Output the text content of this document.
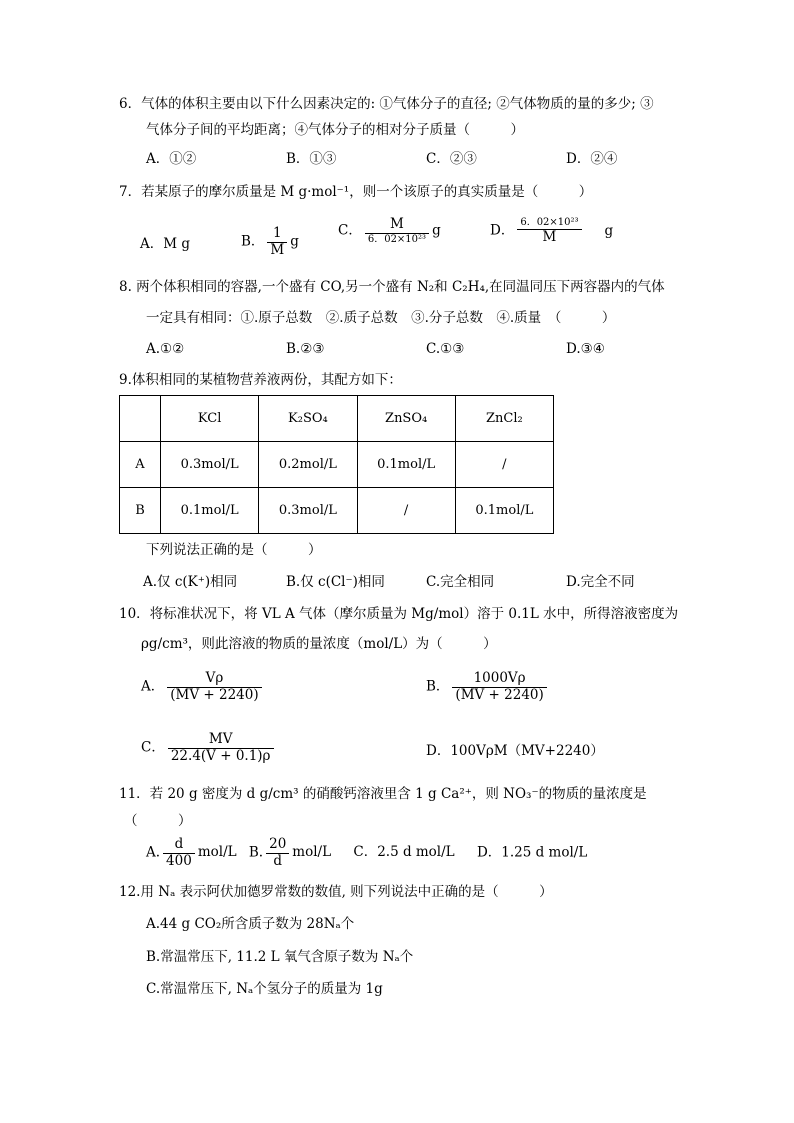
6．气体的体积主要由以下什么因素决定的: ①气体分子的直径; ②气体物质的量的多少; ③
气体分子间的平均距离；④气体分子的相对分子质量（　　　）
A．①②	B．①③	C．②③	D．②④
7．若某原子的摩尔质量是 M g·mol⁻¹，则一个该原子的真实质量是（　　　）
A．M g	B． $\frac{1}{M}$ g
C． $\frac{M}{\text{6．02×10²³}}$ g	D． $\frac{\text{6．02×10²³}}{M}$ g
8. 两个体积相同的容器,一个盛有 CO,另一个盛有 N₂和 C₂H₄,在同温同压下两容器内的气体
一定具有相同：①.原子总数　②.质子总数　③.分子总数　④.质量　（　　　）
A.①②	B.②③	C.①③	D.③④
9.体积相同的某植物营养液两份，其配方如下：
	KCl	K₂SO₄	ZnSO₄	ZnCl₂
A	0.3mol/L	0.2mol/L	0.1mol/L	/
B	0.1mol/L	0.3mol/L	/	0.1mol/L
下列说法正确的是（　　　）
A.仅 c(K⁺)相同	B.仅 c(Cl⁻)相同	C.完全相同	D.完全不同
10．将标准状况下，将 VL A 气体（摩尔质量为 Mg/mol）溶于 0.1L 水中，所得溶液密度为
ρg/cm³，则此溶液的物质的量浓度（mol/L）为（　　　）
A． $\frac{V\rho}{(MV + 2240)}$	B． $\frac{1000V\rho}{(MV + 2240)}$
C． $\frac{MV}{22.4(V + 0.1)\rho}$	D．100VρM（MV+2240）
11．若 20 g 密度为 d g/cm³ 的硝酸钙溶液里含 1 g Ca²⁺，则 NO₃⁻的物质的量浓度是
（　　　）
A. $\frac{d}{400} mol/L$ B. $\frac{20}{d} mol/L$ C．2.5 d mol/L D．1.25 d mol/L
12.用 Nₐ 表示阿伏加德罗常数的数值, 则下列说法中正确的是（　　　）
A.44 g CO₂所含质子数为 28Nₐ个
B.常温常压下, 11.2 L 氧气含原子数为 Nₐ个
C.常温常压下, Nₐ个氢分子的质量为 1g
